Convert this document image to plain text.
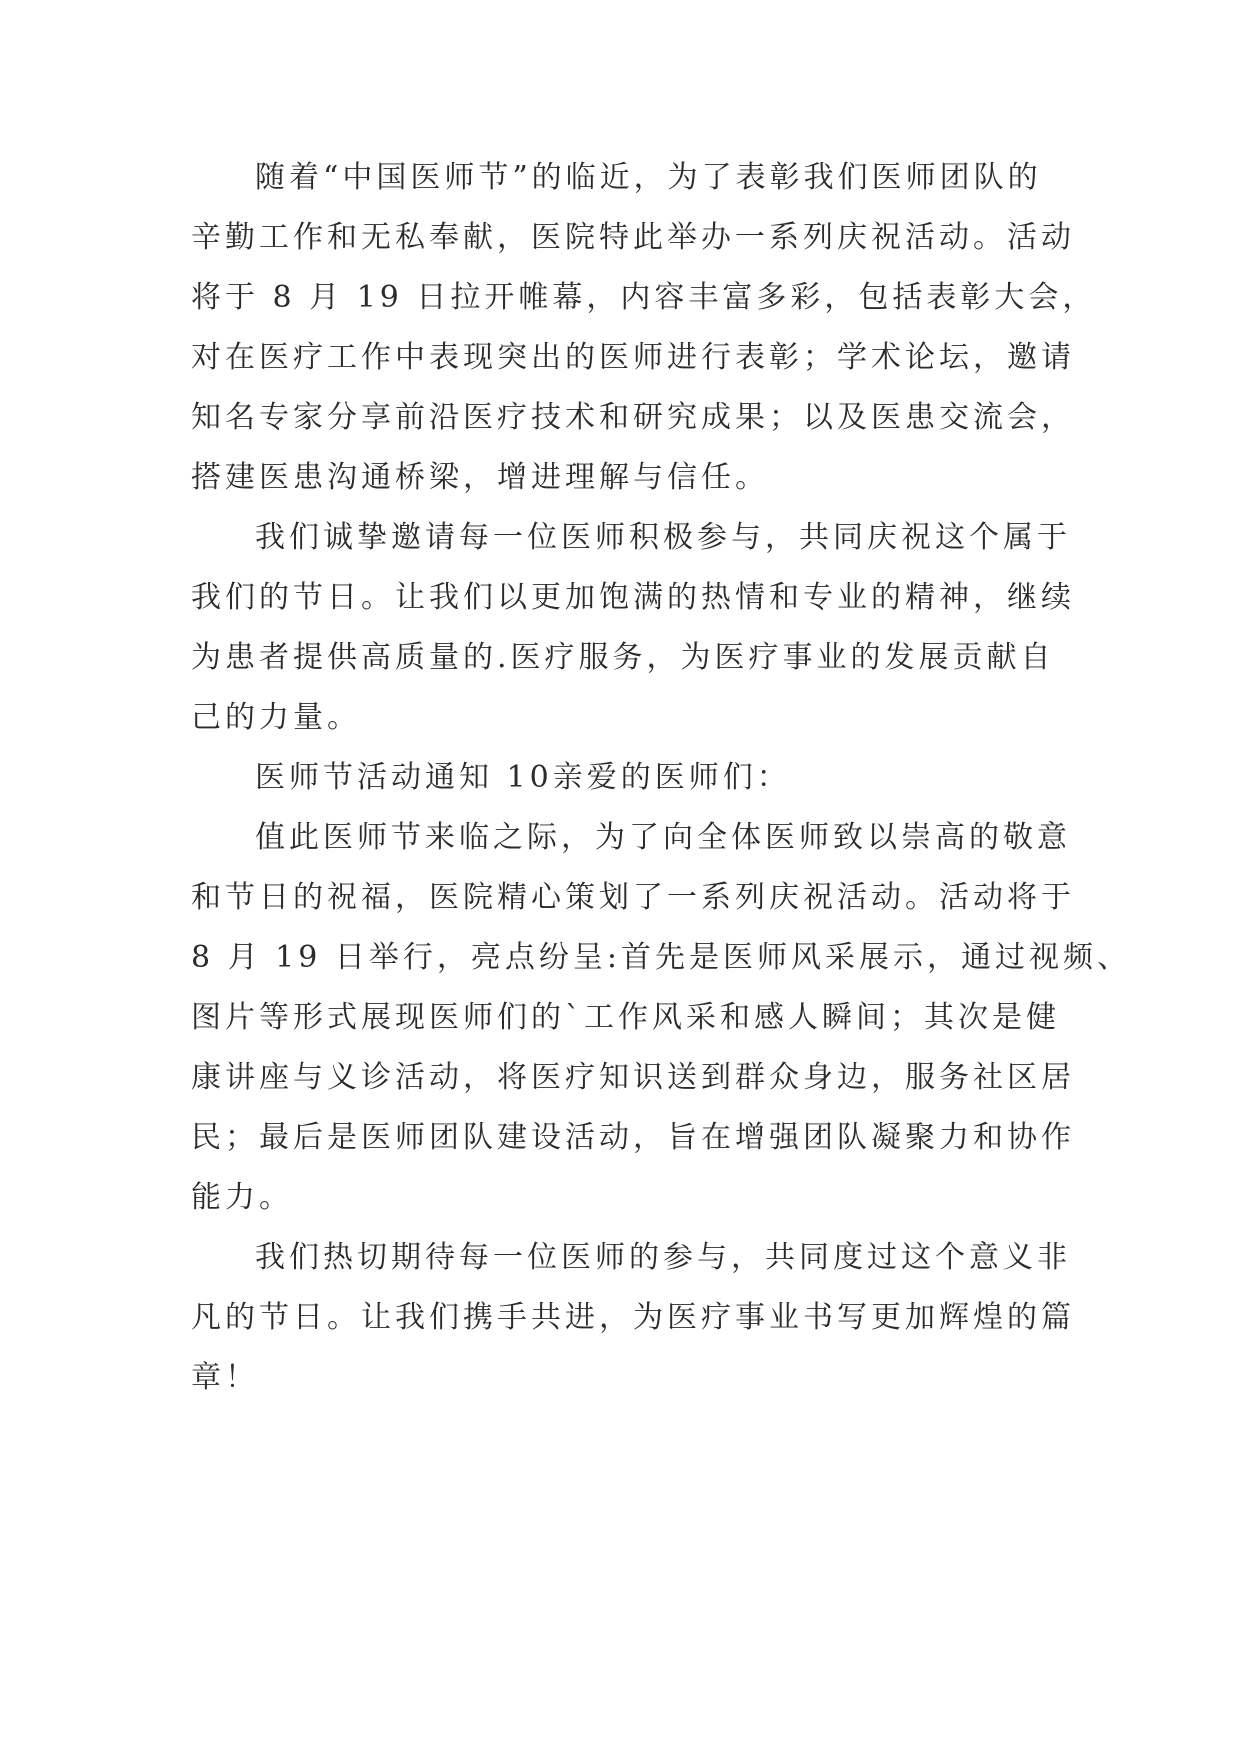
随着“中国医师节”的临近，为了表彰我们医师团队的
辛勤工作和无私奉献，医院特此举办一系列庆祝活动。活动
将于 8 月 19 日拉开帷幕，内容丰富多彩，包括表彰大会，
对在医疗工作中表现突出的医师进行表彰；学术论坛，邀请
知名专家分享前沿医疗技术和研究成果；以及医患交流会，
搭建医患沟通桥梁，增进理解与信任。
我们诚挚邀请每一位医师积极参与，共同庆祝这个属于
我们的节日。让我们以更加饱满的热情和专业的精神，继续
为患者提供高质量的.医疗服务，为医疗事业的发展贡献自
己的力量。
医师节活动通知 10亲爱的医师们：
值此医师节来临之际，为了向全体医师致以崇高的敬意
和节日的祝福，医院精心策划了一系列庆祝活动。活动将于
8 月 19 日举行，亮点纷呈:首先是医师风采展示，通过视频、
图片等形式展现医师们的`工作风采和感人瞬间；其次是健
康讲座与义诊活动，将医疗知识送到群众身边，服务社区居
民；最后是医师团队建设活动，旨在增强团队凝聚力和协作
能力。
我们热切期待每一位医师的参与，共同度过这个意义非
凡的节日。让我们携手共进，为医疗事业书写更加辉煌的篇
章！
